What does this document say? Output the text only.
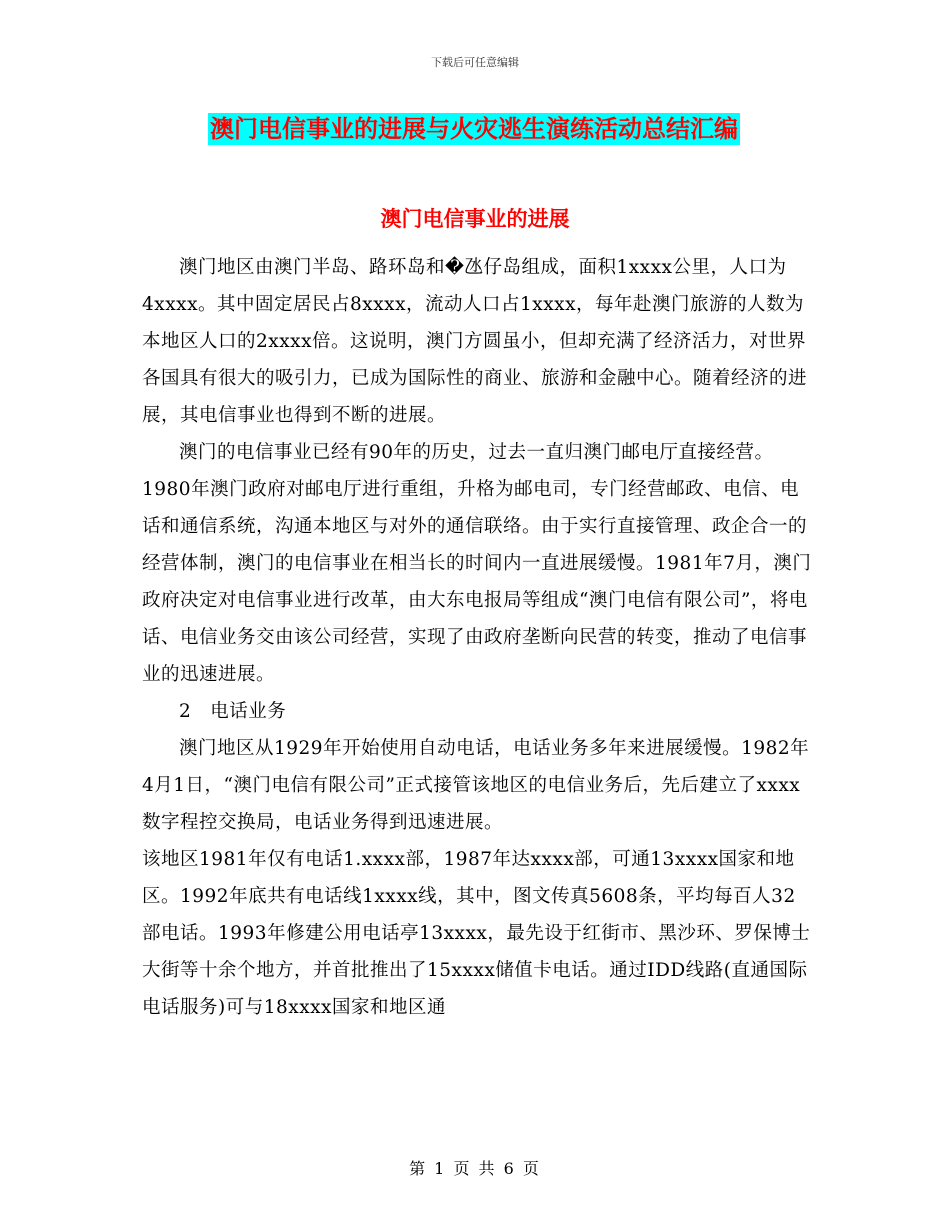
下载后可任意编辑
澳门电信事业的进展与火灾逃生演练活动总结汇编
澳门电信事业的进展

澳门地区由澳门半岛、路环岛和�氹仔岛组成，面积1xxxx公里，人口为4xxxx。其中固定居民占8xxxx，流动人口占1xxxx，每年赴澳门旅游的人数为本地区人口的2xxxx倍。这说明，澳门方圆虽小，但却充满了经济活力，对世界各国具有很大的吸引力，已成为国际性的商业、旅游和金融中心。随着经济的进展，其电信事业也得到不断的进展。

澳门的电信事业已经有90年的历史，过去一直归澳门邮电厅直接经营。1980年澳门政府对邮电厅进行重组，升格为邮电司，专门经营邮政、电信、电话和通信系统，沟通本地区与对外的通信联络。由于实行直接管理、政企合一的经营体制，澳门的电信事业在相当长的时间内一直进展缓慢。1981年7月，澳门政府决定对电信事业进行改革，由大东电报局等组成“澳门电信有限公司”，将电话、电信业务交由该公司经营，实现了由政府垄断向民营的转变，推动了电信事业的迅速进展。

2　电话业务

澳门地区从1929年开始使用自动电话，电话业务多年来进展缓慢。1982年4月1日，“澳门电信有限公司”正式接管该地区的电信业务后，先后建立了xxxx数字程控交换局，电话业务得到迅速进展。

该地区1981年仅有电话1.xxxx部，1987年达xxxx部，可通13xxxx国家和地区。1992年底共有电话线1xxxx线，其中，图文传真5608条，平均每百人32部电话。1993年修建公用电话亭13xxxx，最先设于红街市、黑沙环、罗保博士大街等十余个地方，并首批推出了15xxxx储值卡电话。通过IDD线路(直通国际电话服务)可与18xxxx国家和地区通

第 1 页 共 6 页
